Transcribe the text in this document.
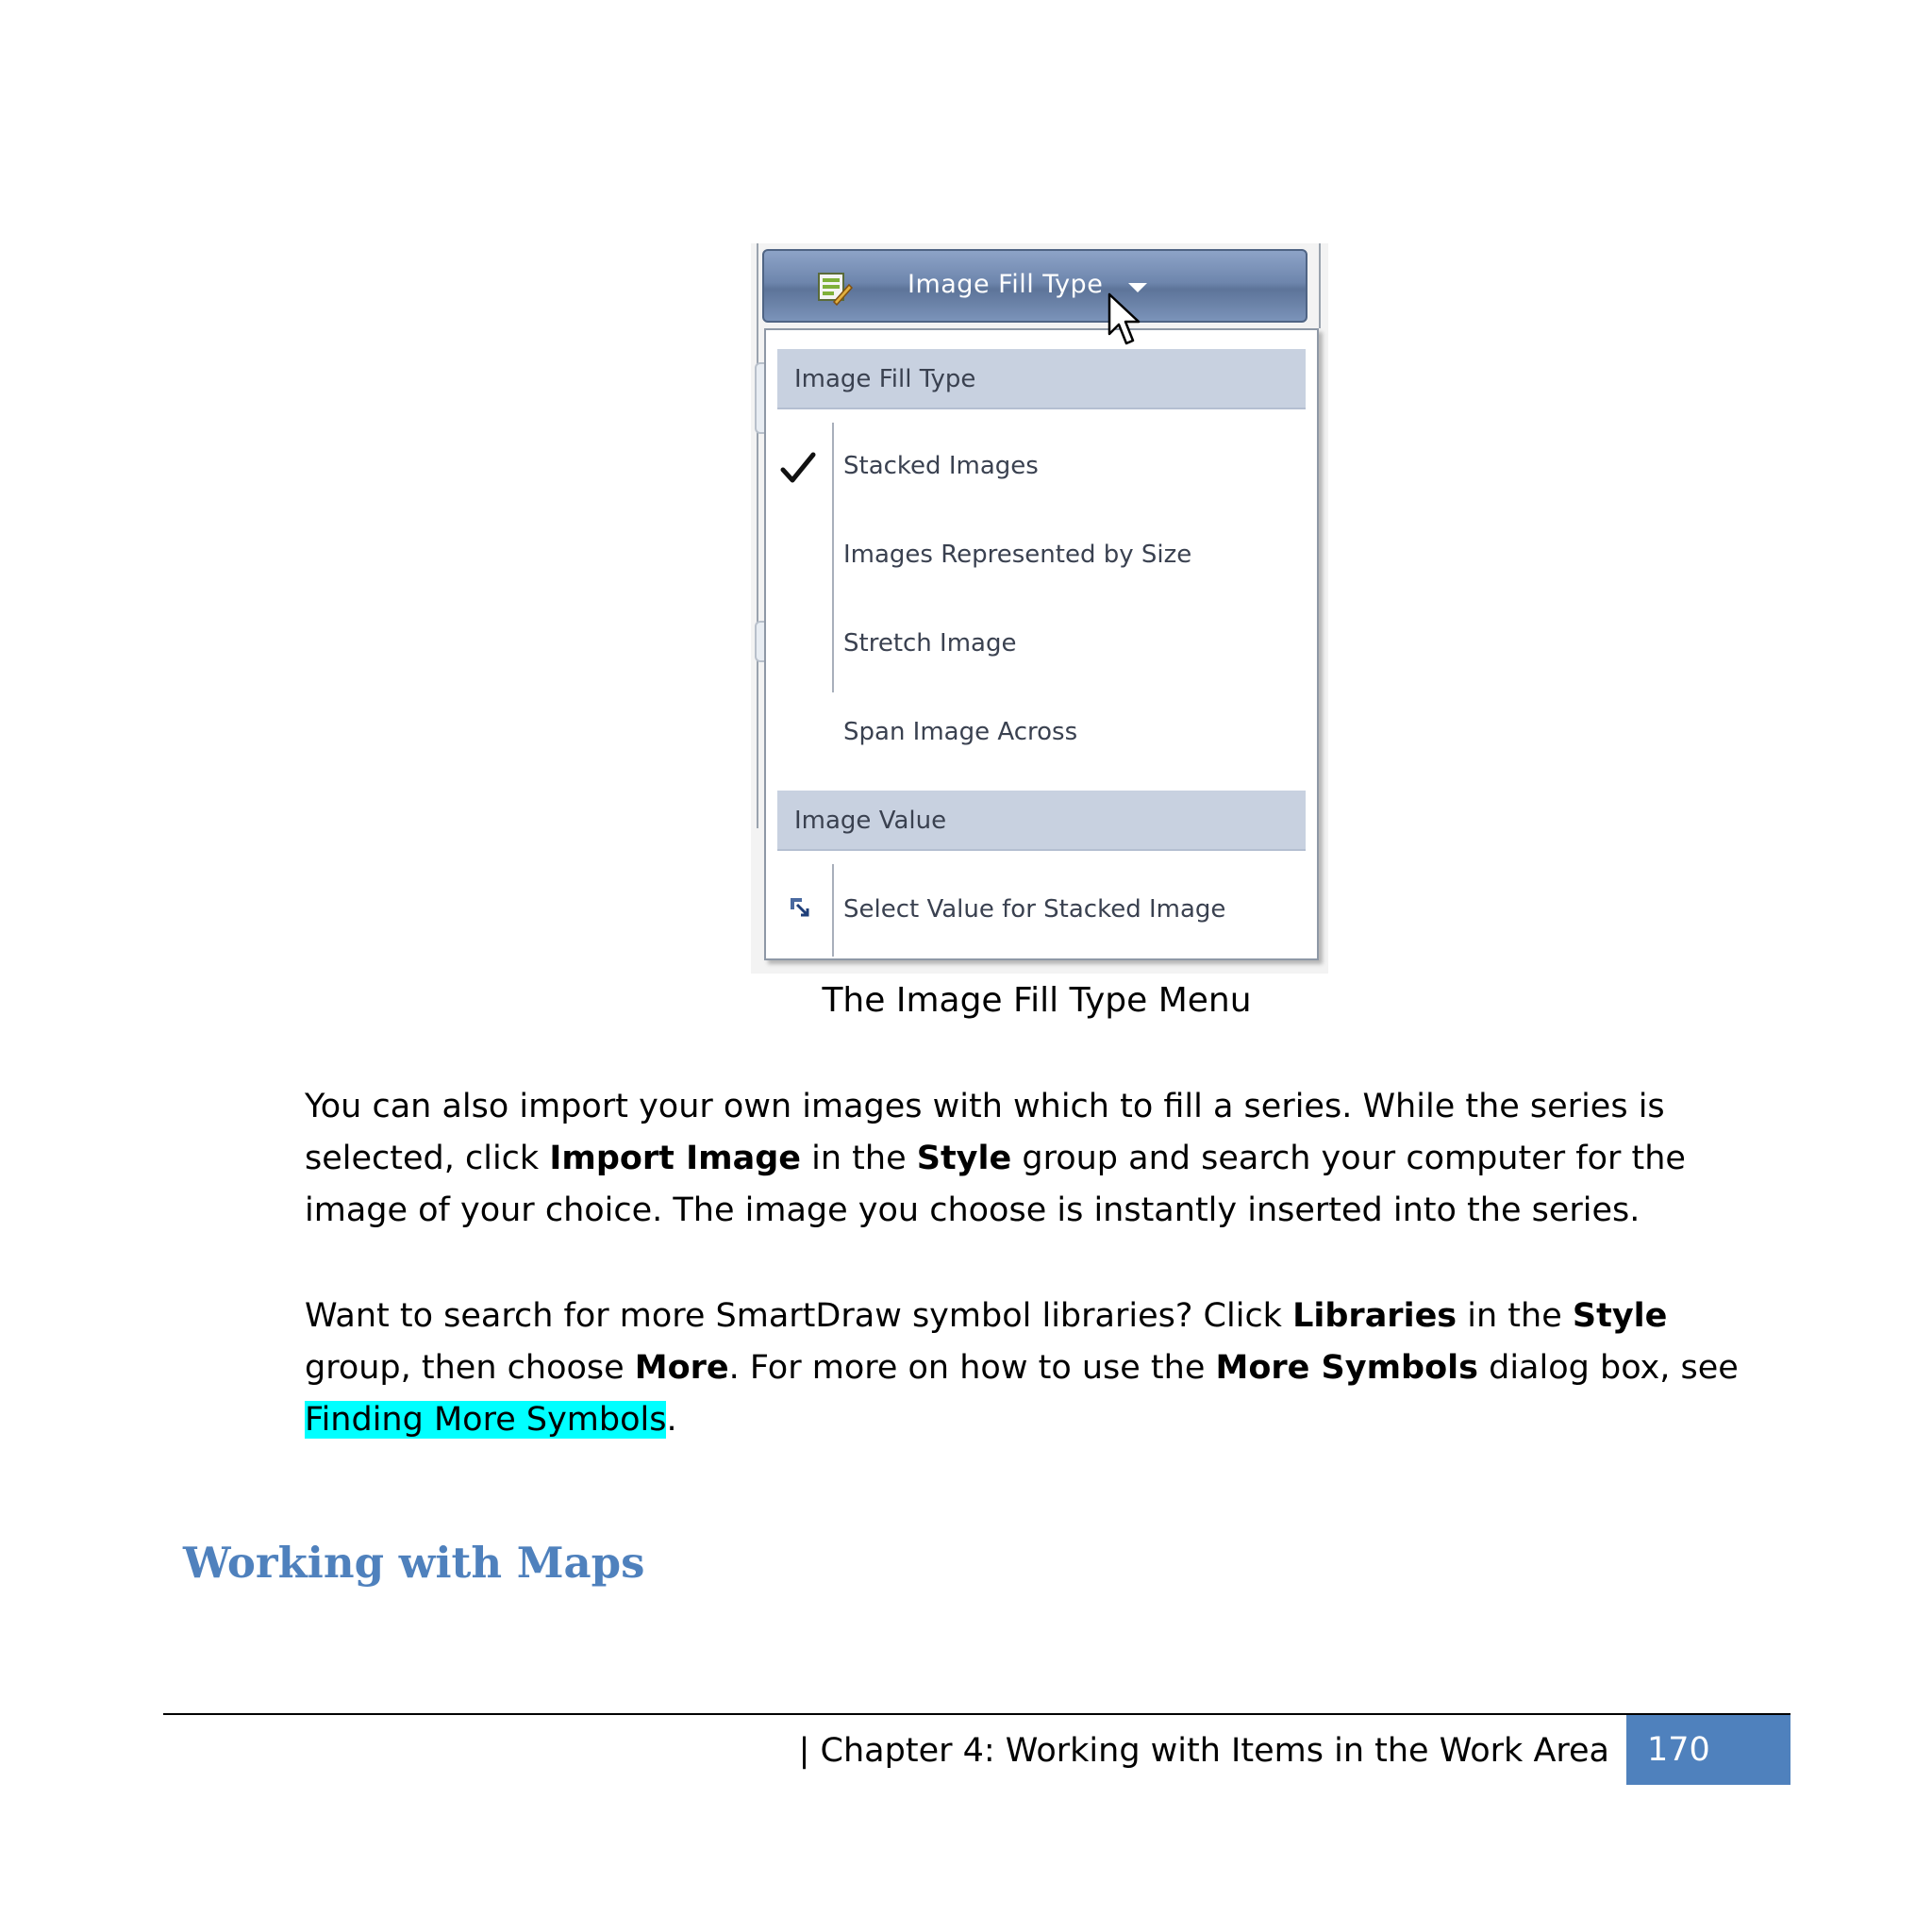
Image Fill Type
Image Fill Type
Stacked Images
Images Represented by Size
Stretch Image
Span Image Across
Image Value
Select Value for Stacked Image
The Image Fill Type Menu
You can also import your own images with which to fill a series. While the series is selected, click Import Image in the Style group and search your computer for the image of your choice. The image you choose is instantly inserted into the series.
Want to search for more SmartDraw symbol libraries? Click Libraries in the Style group, then choose More. For more on how to use the More Symbols dialog box, see Finding More Symbols.
Working with Maps
| Chapter 4: Working with Items in the Work Area	170
